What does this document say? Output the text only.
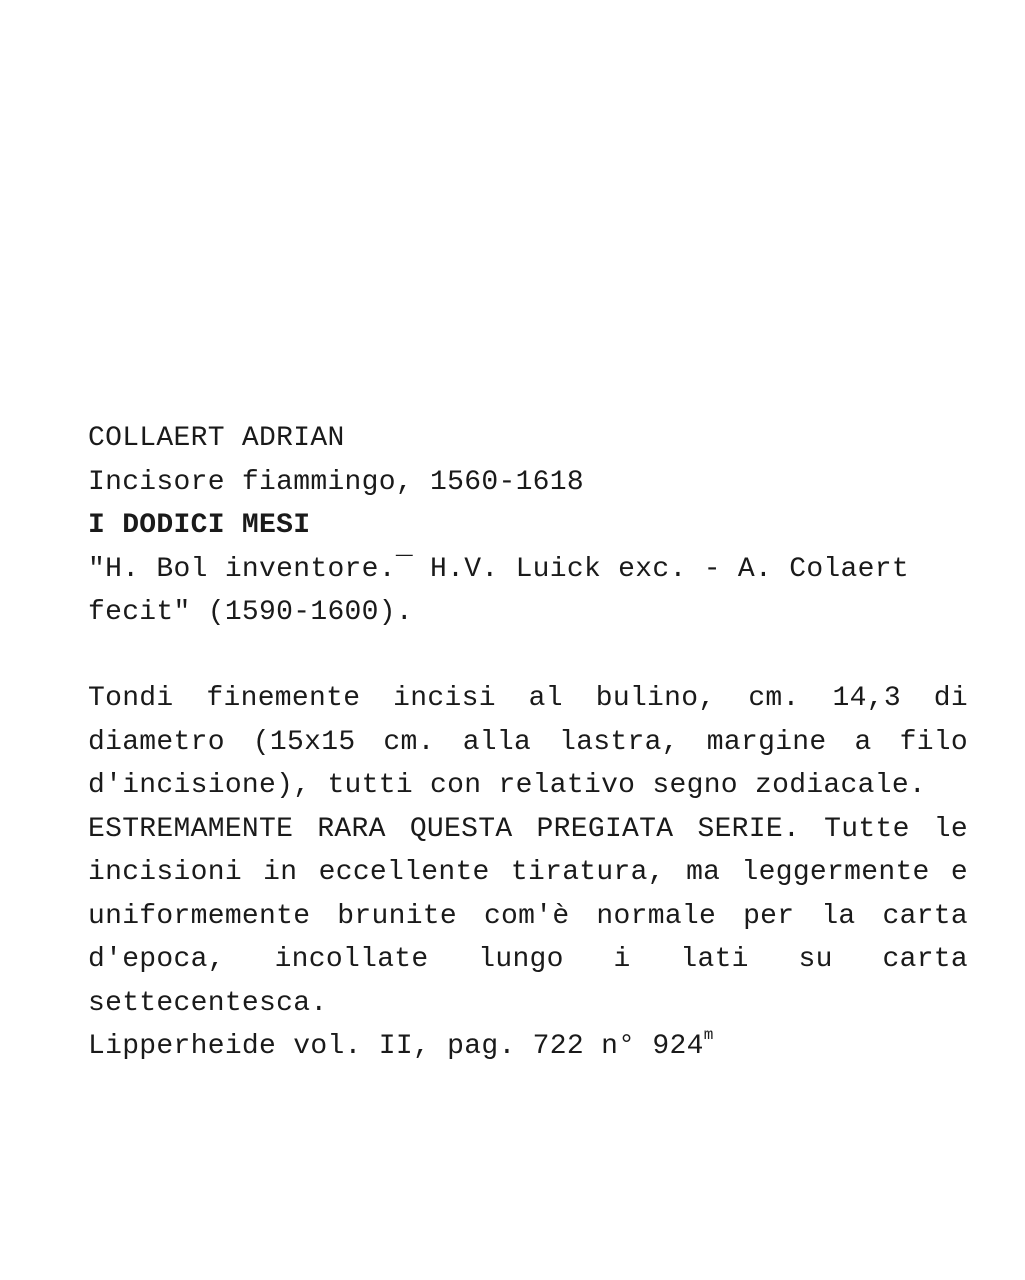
COLLAERT ADRIAN
Incisore fiammingo, 1560-1618
I DODICI MESI
"H. Bol inventore.‾ H.V. Luick exc. - A. Colaert
fecit" (1590-1600).
Tondi finemente incisi al bulino, cm. 14,3 di diametro (15x15 cm. alla lastra, margine a filo d'incisione), tutti con relativo segno zodiacale.
ESTREMAMENTE RARA QUESTA PREGIATA SERIE. Tutte le incisioni in eccellente tiratura, ma leggermente e uniformemente brunite com'è normale per la carta d'epoca, incollate lungo i lati su carta settecentesca.
Lipperheide vol. II, pag. 722 n° 924$^m$
